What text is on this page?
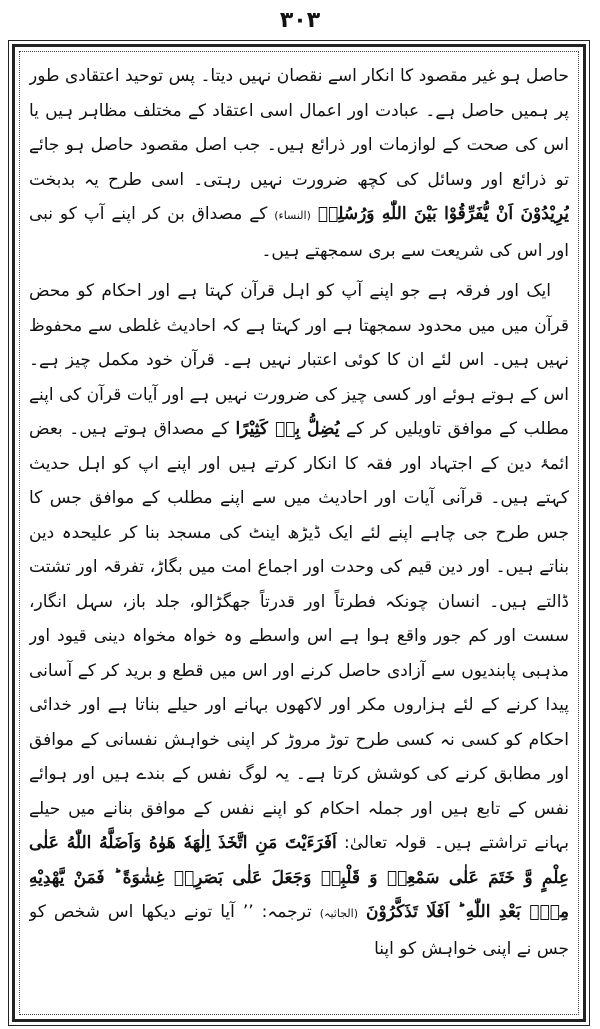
۳۰۳

حاصل ہو غیر مقصود کا انکار اسے نقصان نہیں دیتا۔ پس توحید اعتقادی طور پر ہمیں حاصل ہے۔ عبادت اور اعمال اسی اعتقاد کے مختلف مظاہر ہیں یا اس کی صحت کے لوازمات اور ذرائع ہیں۔ جب اصل مقصود حاصل ہو جائے تو ذرائع اور وسائل کی کچھ ضرورت نہیں رہتی۔ اسی طرح یہ بدبخت یُرِیْدُوْنَ اَنْ یُّفَرِّقُوْا بَیْنَ اللّٰهِ وَرُسُلِهٖ (النساء) کے مصداق بن کر اپنے آپ کو نبی اور اس کی شریعت سے بری سمجھتے ہیں۔

ایک اور فرقہ ہے جو اپنے آپ کو اہل قرآن کہتا ہے اور احکام کو محض قرآن میں میں محدود سمجھتا ہے اور کہتا ہے کہ احادیث غلطی سے محفوظ نہیں ہیں۔ اس لئے ان کا کوئی اعتبار نہیں ہے۔ قرآن خود مکمل چیز ہے۔ اس کے ہوتے ہوئے اور کسی چیز کی ضرورت نہیں ہے اور آیات قرآن کی اپنے مطلب کے موافق تاویلیں کر کے یُضِلُّ بِهٖ کَثِیْرًا کے مصداق ہوتے ہیں۔ بعض ائمۂ دین کے اجتہاد اور فقہ کا انکار کرتے ہیں اور اپنے اپ کو اہل حدیث کہتے ہیں۔ قرآنی آیات اور احادیث میں سے اپنے مطلب کے موافق جس کا جس طرح جی چاہے اپنے لئے ایک ڈیڑھ اینٹ کی مسجد بنا کر علیحدہ دین بناتے ہیں۔ اور دین قیم کی وحدت اور اجماع امت میں بگاڑ، تفرقہ اور تشتت ڈالتے ہیں۔ انسان چونکہ فطرتاً اور قدرتاً جھگڑالو، جلد باز، سہل انگار، سست اور کم جور واقع ہوا ہے اس واسطے وہ خواہ مخواہ دینی قیود اور مذہبی پابندیوں سے آزادی حاصل کرنے اور اس میں قطع و برید کر کے آسانی پیدا کرنے کے لئے ہزاروں مکر اور لاکھوں بہانے اور حیلے بناتا ہے اور خدائی احکام کو کسی نہ کسی طرح توڑ مروڑ کر اپنی خواہش نفسانی کے موافق اور مطابق کرنے کی کوشش کرتا ہے۔ یہ لوگ نفس کے بندے ہیں اور ہوائے نفس کے تابع ہیں اور جملہ احکام کو اپنے نفس کے موافق بنانے میں حیلے بہانے تراشتے ہیں۔ قولہ تعالیٰ: اَفَرَءَیْتَ مَنِ اتَّخَذَ اِلٰهَهٗ هَوٰهُ وَاَضَلَّهُ اللّٰهُ عَلٰی عِلْمٍ وَّ خَتَمَ عَلٰی سَمْعِهٖ وَ قَلْبِهٖ وَجَعَلَ عَلٰی بَصَرِهٖ غِشٰوَةً ؕ فَمَنْ یَّهْدِیْهِ مِنْۢ بَعْدِ اللّٰهِ ؕ اَفَلَا تَذَكَّرُوْنَ (الجاثیہ) ترجمہ: ’’ آیا تونے دیکھا اس شخص کو جس نے اپنی خواہش کو اپنا
